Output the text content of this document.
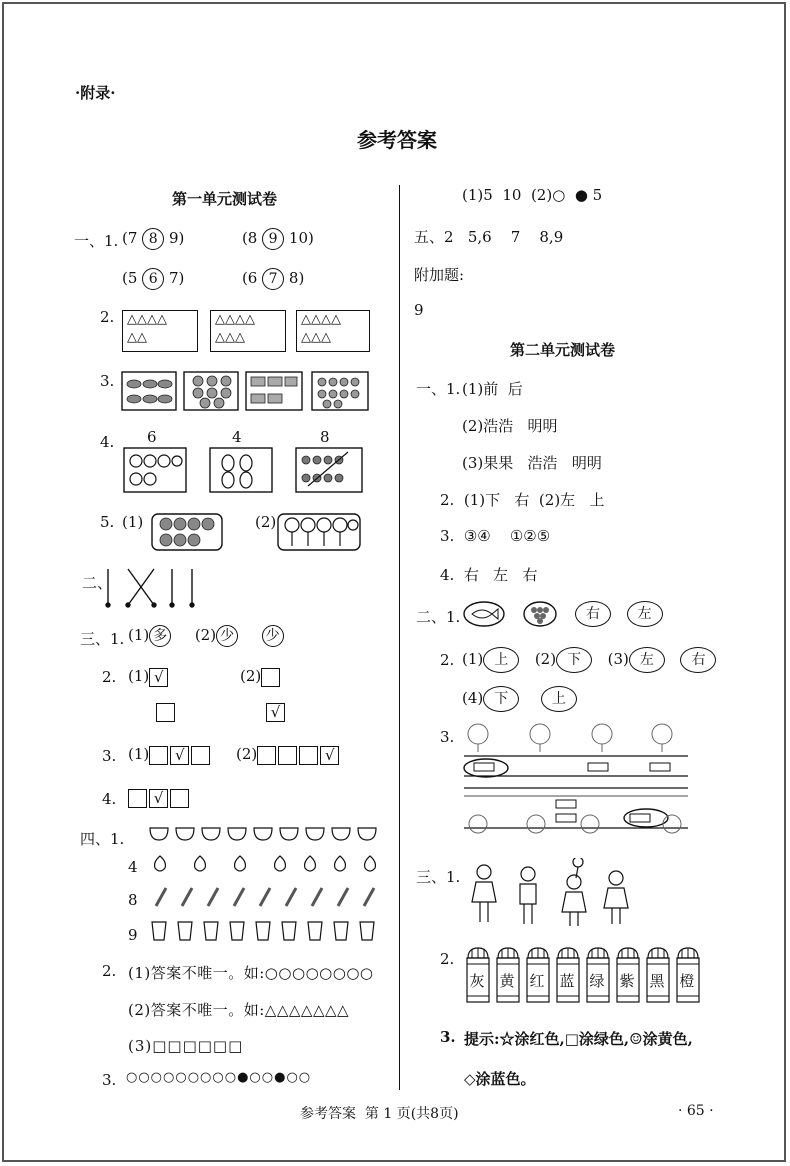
·附录·
参考答案
第一单元测试卷
一、1. (7 8 9)	(8 9 10)
(5 6 7)	(6 7 8)
2. △△△△
△△
△△△△
△△△
△△△△
△△△
3.
4. 6	4	8
5. (1)	(2)
二、
三、1. (1) 多 (2) 少 少
2. (1) √	(2)
√
3. (1) √	(2)	√
4.	√
四、1.
4
8
9
2. (1)答案不唯一。如:○○○○○○○○
(2)答案不唯一。如:△△△△△△△
(3)□□□□□□
3. ○○○○○○○○○●○○●○○
(1)5  10  (2)○  ● 5
五、2   5,6    7    8,9
附加题:
9
第二单元测试卷
一、1. (1)前  后
(2)浩浩   明明
(3)果果   浩浩   明明
2.  (1)下   右  (2)左   上
3.  ③④    ①②⑤
4.  右   左   右
二、1.	右	左
2. (1) 上 (2) 下 (3) 左	右
(4) 下	上
3.
三、1.
2.
灰 黄 红 蓝 绿 紫 黑 橙
3. 提示:☆涂红色,□涂绿色,☺涂黄色,
◇涂蓝色。
参考答案  第 1 页(共8页)	· 65 ·
